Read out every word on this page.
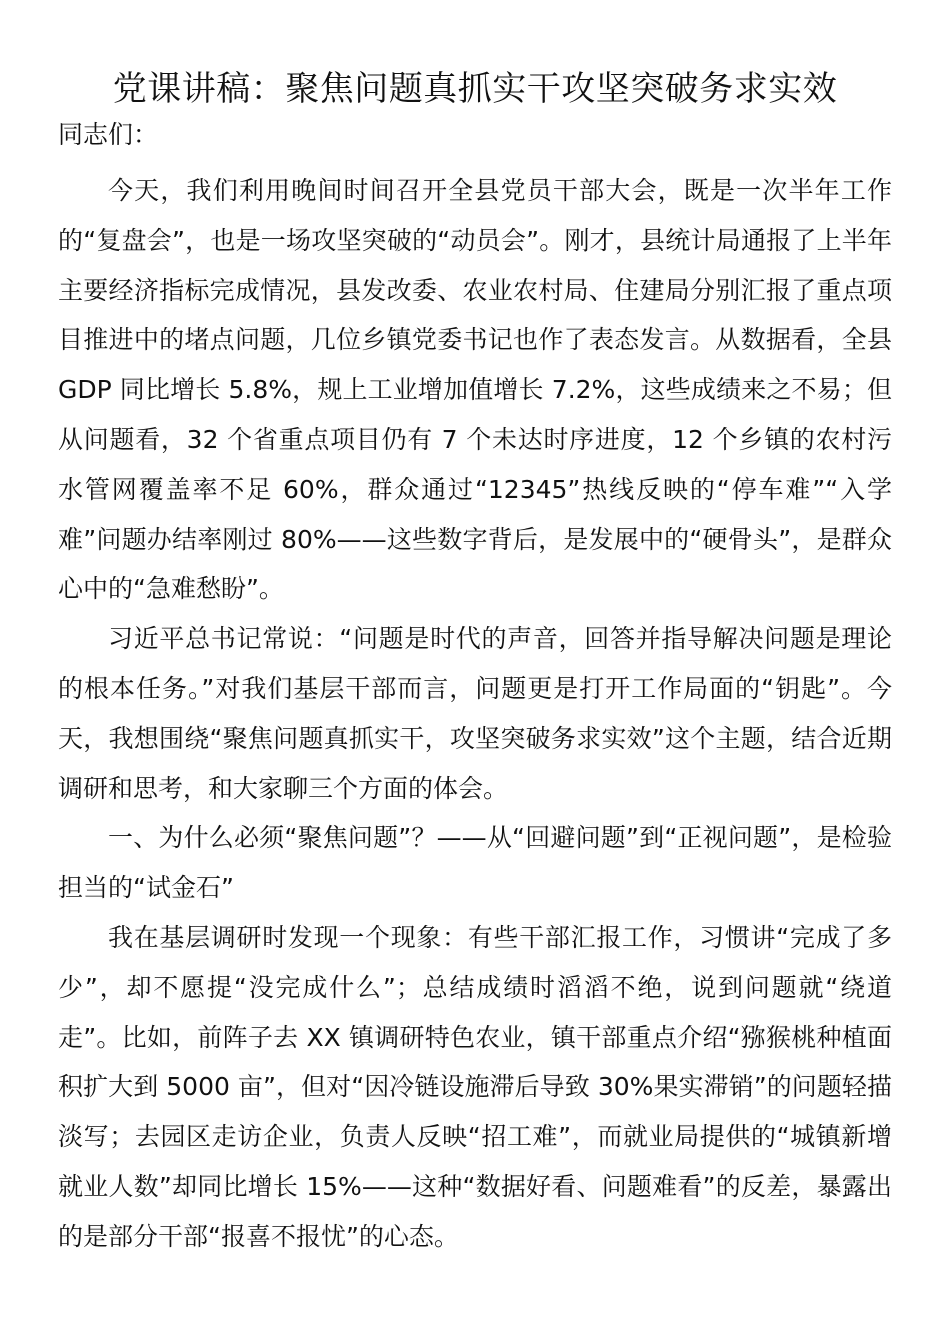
党课讲稿：聚焦问题真抓实干攻坚突破务求实效

同志们：

今天，我们利用晚间时间召开全县党员干部大会，既是一次半年工作的“复盘会”，也是一场攻坚突破的“动员会”。刚才，县统计局通报了上半年主要经济指标完成情况，县发改委、农业农村局、住建局分别汇报了重点项目推进中的堵点问题，几位乡镇党委书记也作了表态发言。从数据看，全县 GDP 同比增长 5.8%，规上工业增加值增长 7.2%，这些成绩来之不易；但从问题看，32 个省重点项目仍有 7 个未达时序进度，12 个乡镇的农村污水管网覆盖率不足 60%，群众通过“12345”热线反映的“停车难”“入学难”问题办结率刚过 80%——这些数字背后，是发展中的“硬骨头”，是群众心中的“急难愁盼”。

习近平总书记常说：“问题是时代的声音，回答并指导解决问题是理论的根本任务。”对我们基层干部而言，问题更是打开工作局面的“钥匙”。今天，我想围绕“聚焦问题真抓实干，攻坚突破务求实效”这个主题，结合近期调研和思考，和大家聊三个方面的体会。

一、为什么必须“聚焦问题”？——从“回避问题”到“正视问题”，是检验担当的“试金石”

我在基层调研时发现一个现象：有些干部汇报工作，习惯讲“完成了多少”，却不愿提“没完成什么”；总结成绩时滔滔不绝，说到问题就“绕道走”。比如，前阵子去 XX 镇调研特色农业，镇干部重点介绍“猕猴桃种植面积扩大到 5000 亩”，但对“因冷链设施滞后导致 30%果实滞销”的问题轻描淡写；去园区走访企业，负责人反映“招工难”，而就业局提供的“城镇新增就业人数”却同比增长 15%——这种“数据好看、问题难看”的反差，暴露出的是部分干部“报喜不报忧”的心态。
